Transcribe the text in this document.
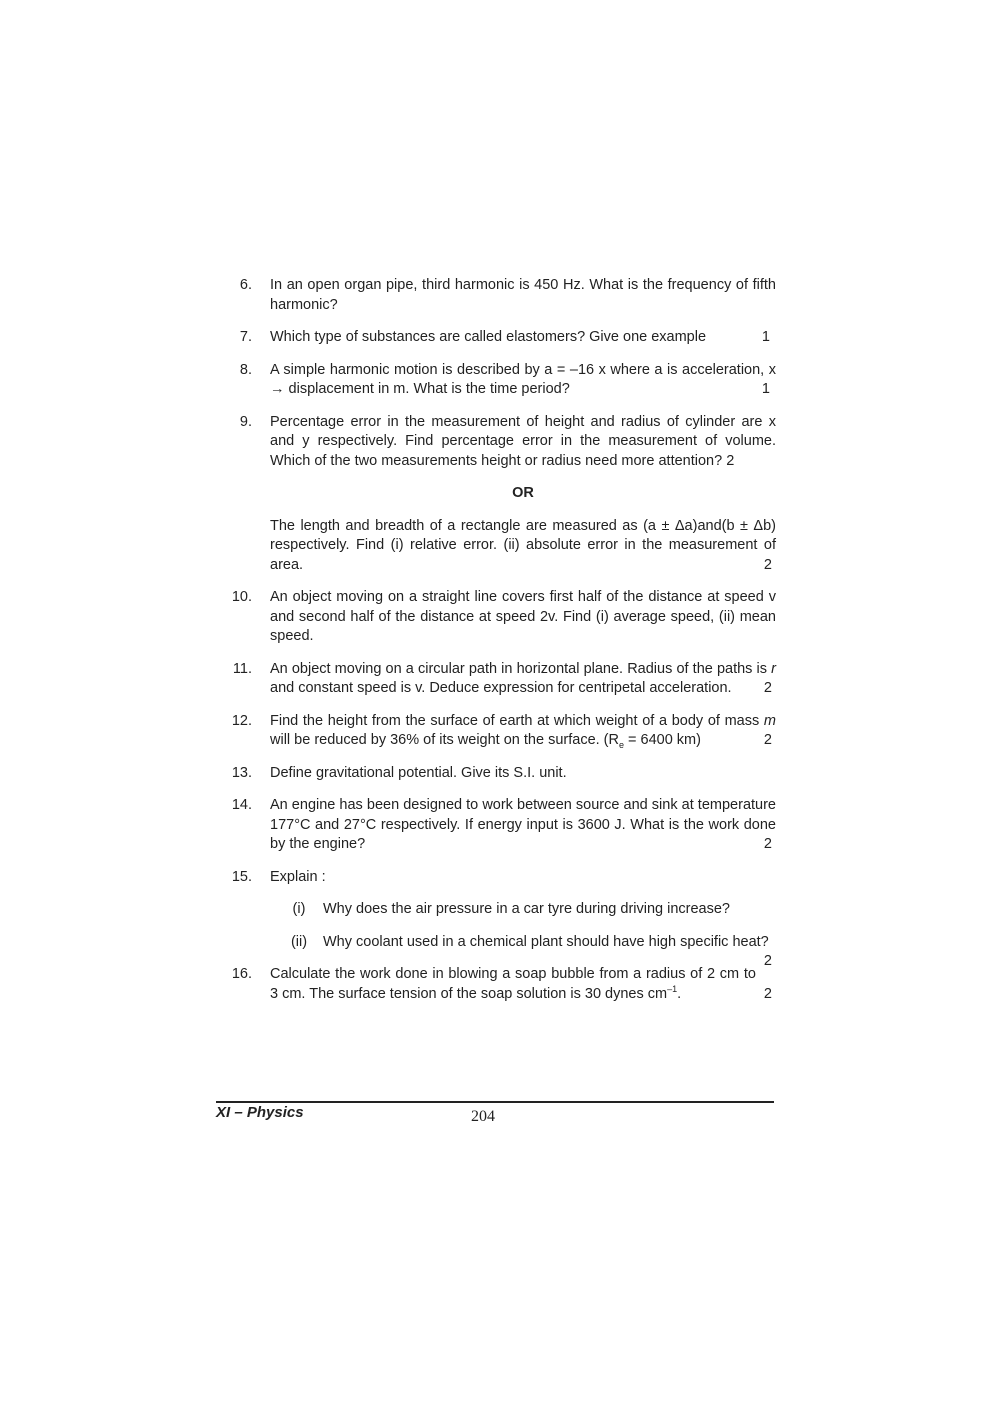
6. In an open organ pipe, third harmonic is 450 Hz. What is the frequency of fifth harmonic?
7.	1
Which type of substances are called elastomers? Give one example
8. A simple harmonic motion is described by a = –16 x where a is acceleration, x → displacement in m. What is the time period?	1
9. Percentage error in the measurement of height and radius of cylinder are x and y respectively. Find percentage error in the measurement of volume. Which of the two measurements height or radius need more attention? 2
OR
The length and breadth of a rectangle are measured as (a ± Δa)and(b ± Δb) respectively. Find (i) relative error. (ii) absolute error in the measurement of area.	2
10. An object moving on a straight line covers first half of the distance at speed v and second half of the distance at speed 2v. Find (i) average speed, (ii) mean speed.
11. An object moving on a circular path in horizontal plane. Radius of the paths is r and constant speed is v. Deduce expression for centripetal acceleration. 2
12. Find the height from the surface of earth at which weight of a body of mass m will be reduced by 36% of its weight on the surface. ($R_e = 6400$ km)	2
13. Define gravitational potential. Give its S.I. unit.
14. An engine has been designed to work between source and sink at temperature 177°C and 27°C respectively. If energy input is 3600 J. What is the work done by the engine?	2
15. Explain :
(i)	Why does the air pressure in a car tyre during driving increase?
(ii)	Why coolant used in a chemical plant should have high specific heat?
2
16. Calculate the work done in blowing a soap bubble from a radius of 2 cm to 3 cm. The surface tension of the soap solution is 30 dynes $cm^{-1}$.	2
XI – Physics	204
